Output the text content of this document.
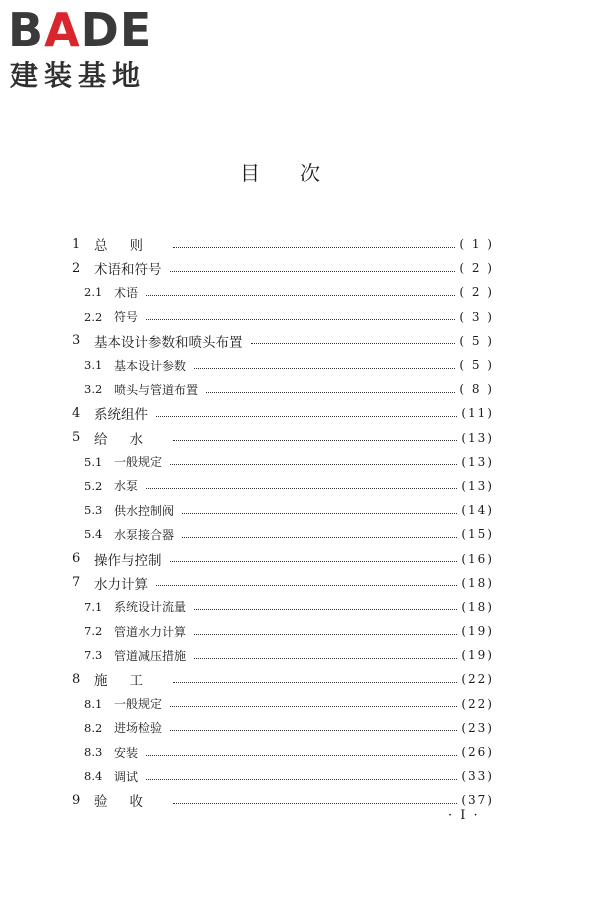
BADE
建装基地
目次
1	总则	( 1 )
2	术语和符号	( 2 )
2.1 术语	( 2 )
2.2 符号	( 3 )
3	基本设计参数和喷头布置	( 5 )
3.1 基本设计参数	( 5 )
3.2 喷头与管道布置	( 8 )
4	系统组件	(11)
5	给水	(13)
5.1 一般规定	(13)
5.2 水泵	(13)
5.3 供水控制阀	(14)
5.4 水泵接合器	(15)
6	操作与控制	(16)
7	水力计算	(18)
7.1 系统设计流量	(18)
7.2 管道水力计算	(19)
7.3 管道减压措施	(19)
8	施工	(22)
8.1 一般规定	(22)
8.2 进场检验	(23)
8.3 安装	(26)
8.4 调试	(33)
9	验收	(37)
· I ·
